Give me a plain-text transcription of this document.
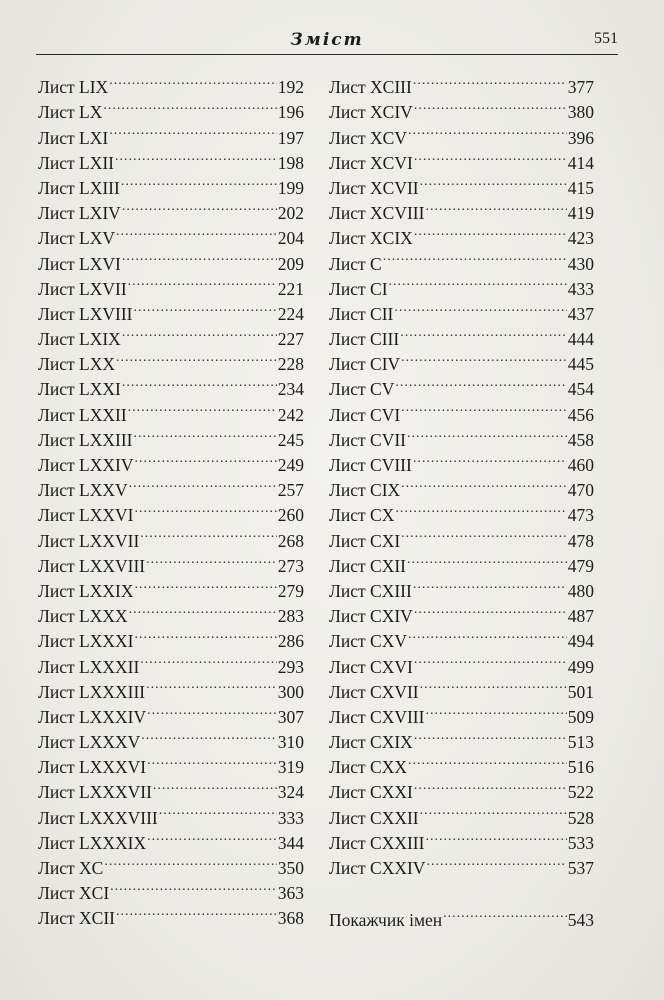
Зміст	551
Лист LIX .....	192
Лист LX .....	196
Лист LXI .....	197
Лист LXII .....	198
Лист LXIII .....	199
Лист LXIV .....	202
Лист LXV .....	204
Лист LXVI .....	209
Лист LXVII .....	221
Лист LXVIII .....	224
Лист LXIX .....	227
Лист LXX .....	228
Лист LXXI .....	234
Лист LXXII .....	242
Лист LXXIII .....	245
Лист LXXIV .....	249
Лист LXXV .....	257
Лист LXXVI .....	260
Лист LXXVII .....	268
Лист LXXVIII .....	273
Лист LXXIX .....	279
Лист LXXX .....	283
Лист LXXXI .....	286
Лист LXXXII .....	293
Лист LXXXIII .....	300
Лист LXXXIV .....	307
Лист LXXXV .....	310
Лист LXXXVI .....	319
Лист LXXXVII .....	324
Лист LXXXVIII .....	333
Лист LXXXIX .....	344
Лист XC .....	350
Лист XCI .....	363
Лист XCII .....	368
Лист XCIII .....	377
Лист XCIV .....	380
Лист XCV .....	396
Лист XCVI .....	414
Лист XCVII .....	415
Лист XCVIII .....	419
Лист XCIX .....	423
Лист C .....	430
Лист CI .....	433
Лист CII .....	437
Лист CIII .....	444
Лист CIV .....	445
Лист CV .....	454
Лист CVI .....	456
Лист CVII .....	458
Лист CVIII .....	460
Лист CIX .....	470
Лист CX .....	473
Лист CXI .....	478
Лист CXII .....	479
Лист CXIII .....	480
Лист CXIV .....	487
Лист CXV .....	494
Лист CXVI .....	499
Лист CXVII .....	501
Лист CXVIII .....	509
Лист CXIX .....	513
Лист CXX .....	516
Лист CXXI .....	522
Лист CXXII .....	528
Лист CXXIII .....	533
Лист CXXIV .....	537
Покажчик імен .....	543
